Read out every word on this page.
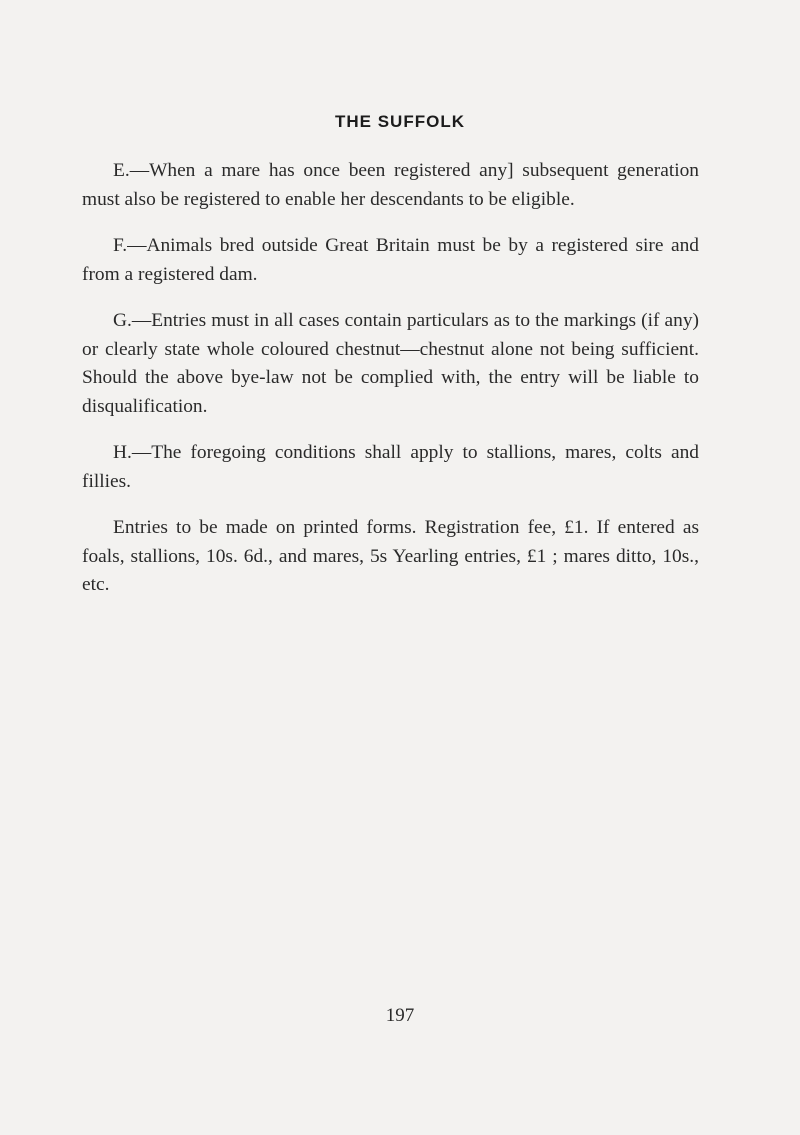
THE SUFFOLK

E.—When a mare has once been registered any] subsequent generation must also be registered to enable her descendants to be eligible.

F.—Animals bred outside Great Britain must be by a registered sire and from a registered dam.

G.—Entries must in all cases contain particulars as to the markings (if any) or clearly state whole coloured chestnut—chestnut alone not being sufficient. Should the above bye-law not be complied with, the entry will be liable to disqualification.

H.—The foregoing conditions shall apply to stallions, mares, colts and fillies.

Entries to be made on printed forms. Registration fee, £1. If entered as foals, stallions, 10s. 6d., and mares, 5s Yearling entries, £1 ; mares ditto, 10s., etc.

197
